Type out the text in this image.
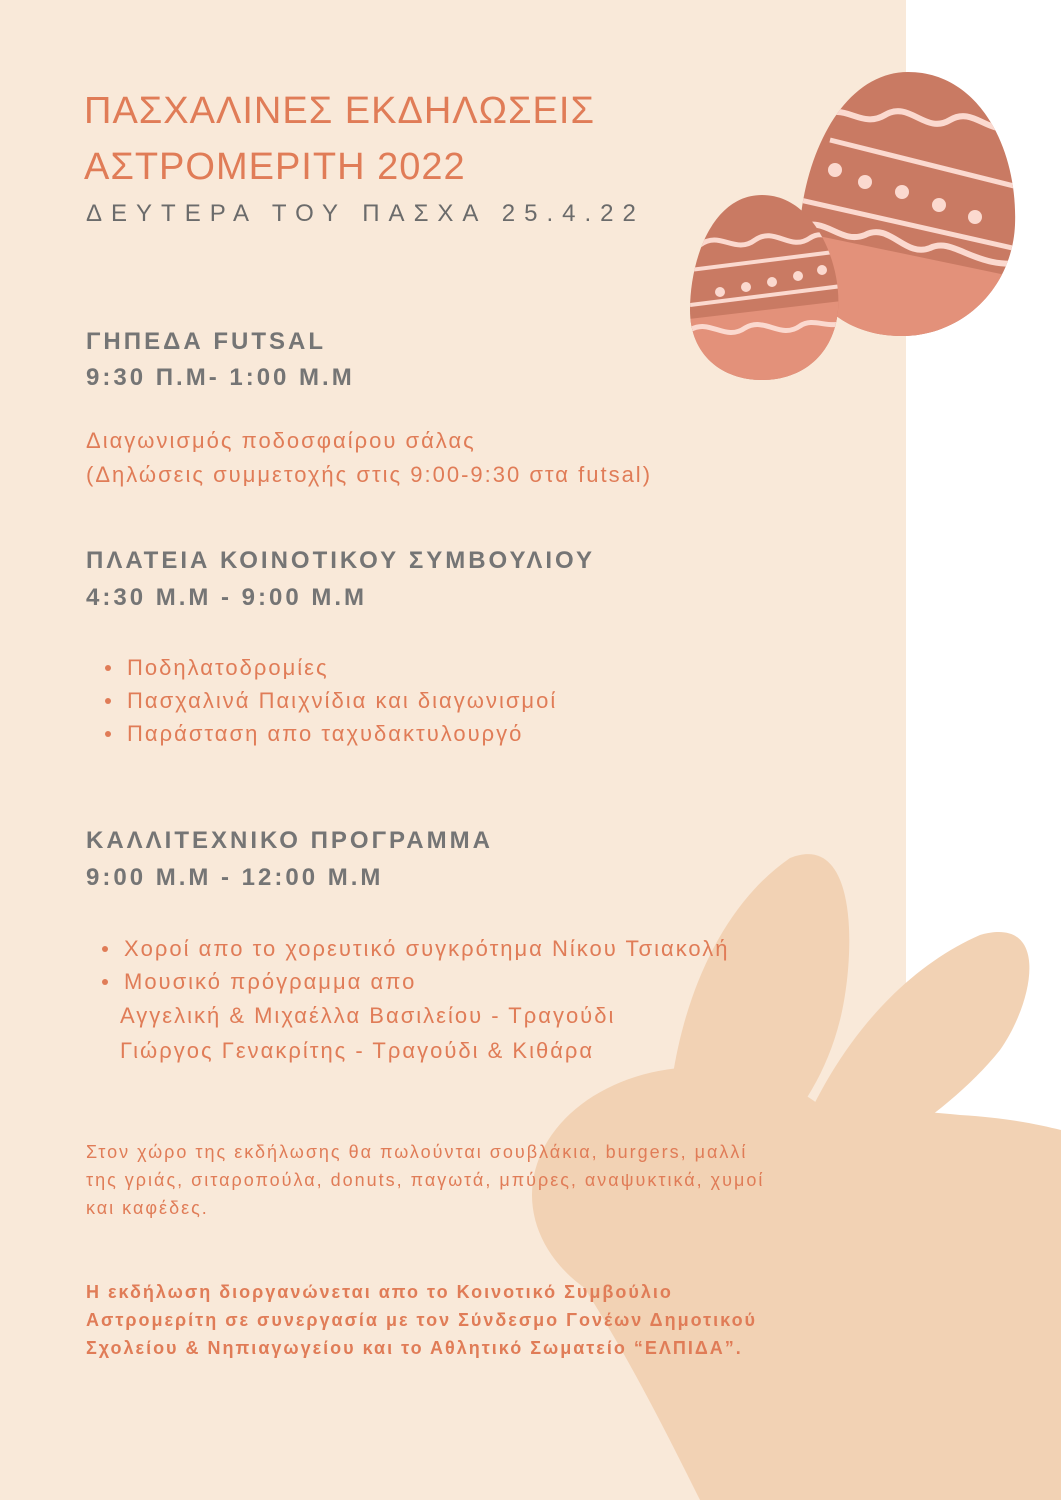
ΠΑΣΧΑΛΙΝΕΣ ΕΚΔΗΛΩΣΕΙΣ
ΑΣΤΡΟΜΕΡΙΤΗ 2022
ΔΕΥΤΕΡΑ ΤΟΥ ΠΑΣΧΑ 25.4.22
ΓΗΠΕΔΑ FUTSAL
9:30 Π.Μ- 1:00 Μ.Μ
Διαγωνισμός ποδοσφαίρου σάλας
(Δηλώσεις συμμετοχής στις 9:00-9:30 στα futsal)
ΠΛΑΤΕΙΑ ΚΟΙΝΟΤΙΚΟΥ ΣΥΜΒΟΥΛΙΟΥ
4:30 Μ.Μ - 9:00 Μ.Μ
Ποδηλατοδρομίες
Πασχαλινά Παιχνίδια και διαγωνισμοί
Παράσταση απο ταχυδακτυλουργό
ΚΑΛΛΙΤΕΧΝΙΚΟ ΠΡΟΓΡΑΜΜΑ
9:00 Μ.Μ - 12:00 Μ.Μ
Χοροί απο το χορευτικό συγκρότημα Νίκου Τσιακολή
Μουσικό πρόγραμμα απο
Αγγελική & Μιχαέλλα Βασιλείου - Τραγούδι
Γιώργος Γενακρίτης - Τραγούδι & Κιθάρα
Στον χώρο της εκδήλωσης θα πωλούνται σουβλάκια, burgers, μαλλί
της γριάς, σιταροπούλα, donuts, παγωτά, μπύρες, αναψυκτικά, χυμοί
και καφέδες.
Η εκδήλωση διοργανώνεται απο το Κοινοτικό Συμβούλιο
Αστρομερίτη σε συνεργασία με τον Σύνδεσμο Γονέων Δημοτικού
Σχολείου & Νηπιαγωγείου και το Αθλητικό Σωματείο “ΕΛΠΙΔΑ”.
